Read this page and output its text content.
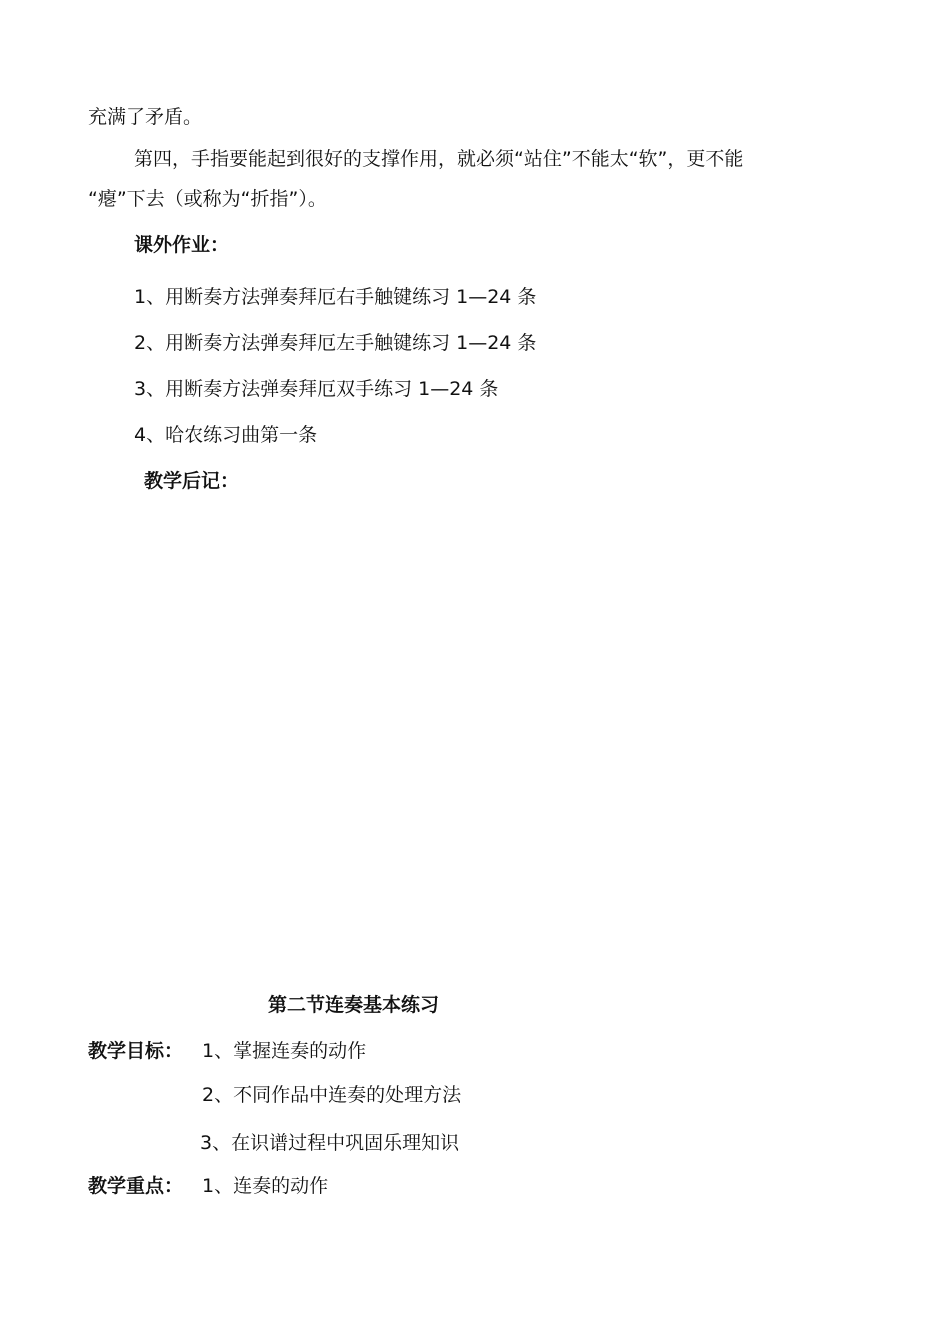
充满了矛盾。
第四，手指要能起到很好的支撑作用，就必须“站住”不能太“软”，更不能
“瘪”下去（或称为“折指”）。
课外作业：
1、用断奏方法弹奏拜厄右手触键练习 1—24 条
2、用断奏方法弹奏拜厄左手触键练习 1—24 条
3、用断奏方法弹奏拜厄双手练习 1—24 条
4、哈农练习曲第一条
教学后记：
第二节连奏基本练习
教学目标： 1、掌握连奏的动作
2、不同作品中连奏的处理方法
3、在识谱过程中巩固乐理知识
教学重点： 1、连奏的动作
